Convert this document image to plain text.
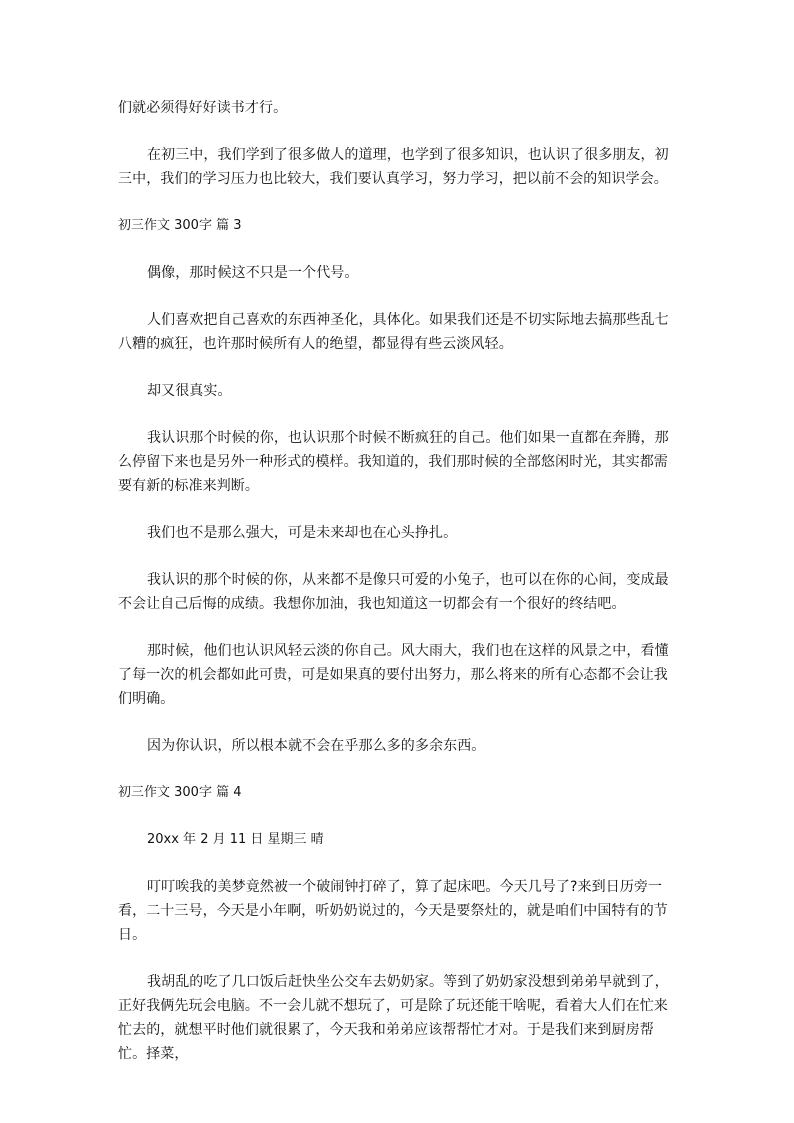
们就必须得好好读书才行。

在初三中，我们学到了很多做人的道理，也学到了很多知识，也认识了很多朋友，初三中，我们的学习压力也比较大，我们要认真学习，努力学习，把以前不会的知识学会。

初三作文 300字 篇 3

偶像，那时候这不只是一个代号。

人们喜欢把自己喜欢的东西神圣化，具体化。如果我们还是不切实际地去搞那些乱七八糟的疯狂，也许那时候所有人的绝望，都显得有些云淡风轻。

却又很真实。

我认识那个时候的你，也认识那个时候不断疯狂的自己。他们如果一直都在奔腾，那么停留下来也是另外一种形式的模样。我知道的，我们那时候的全部悠闲时光，其实都需要有新的标准来判断。

我们也不是那么强大，可是未来却也在心头挣扎。

我认识的那个时候的你，从来都不是像只可爱的小兔子，也可以在你的心间，变成最不会让自己后悔的成绩。我想你加油，我也知道这一切都会有一个很好的终结吧。

那时候，他们也认识风轻云淡的你自己。风大雨大，我们也在这样的风景之中，看懂了每一次的机会都如此可贵，可是如果真的要付出努力，那么将来的所有心态都不会让我们明确。

因为你认识，所以根本就不会在乎那么多的多余东西。

初三作文 300字 篇 4

20xx 年 2 月 11 日 星期三 晴

叮叮唉我的美梦竟然被一个破闹钟打碎了，算了起床吧。今天几号了?来到日历旁一看，二十三号，今天是小年啊，听奶奶说过的，今天是要祭灶的，就是咱们中国特有的节日。

我胡乱的吃了几口饭后赶快坐公交车去奶奶家。等到了奶奶家没想到弟弟早就到了，正好我俩先玩会电脑。不一会儿就不想玩了，可是除了玩还能干啥呢，看着大人们在忙来忙去的，就想平时他们就很累了，今天我和弟弟应该帮帮忙才对。于是我们来到厨房帮忙。择菜，
